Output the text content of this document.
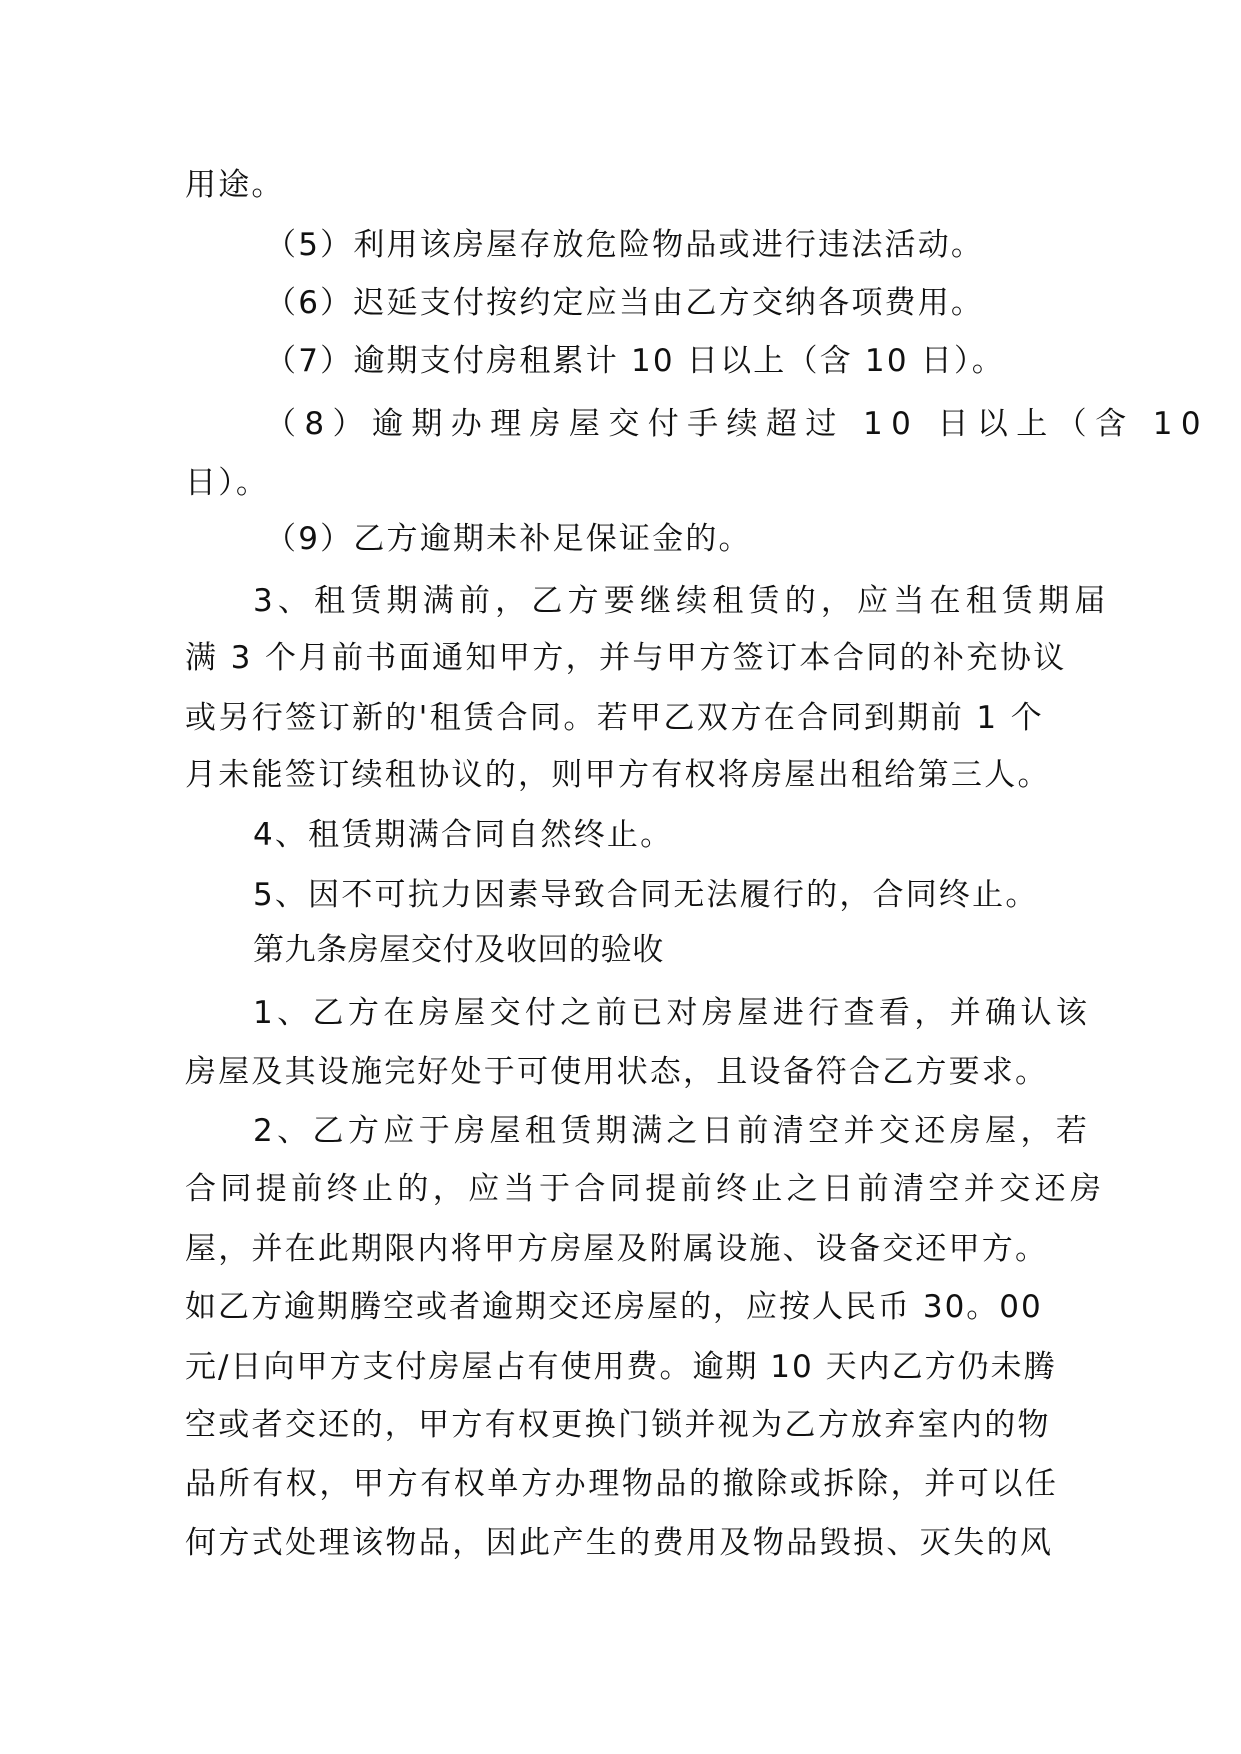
用途。
（5）利用该房屋存放危险物品或进行违法活动。
（6）迟延支付按约定应当由乙方交纳各项费用。
（7）逾期支付房租累计 10 日以上（含 10 日）。
（8）逾期办理房屋交付手续超过 10 日以上（含 10
日）。
（9）乙方逾期未补足保证金的。
3、租赁期满前，乙方要继续租赁的，应当在租赁期届
满 3 个月前书面通知甲方，并与甲方签订本合同的补充协议
或另行签订新的'租赁合同。若甲乙双方在合同到期前 1 个
月未能签订续租协议的，则甲方有权将房屋出租给第三人。
4、租赁期满合同自然终止。
5、因不可抗力因素导致合同无法履行的，合同终止。
第九条房屋交付及收回的验收
1、乙方在房屋交付之前已对房屋进行查看，并确认该
房屋及其设施完好处于可使用状态，且设备符合乙方要求。
2、乙方应于房屋租赁期满之日前清空并交还房屋，若
合同提前终止的，应当于合同提前终止之日前清空并交还房
屋，并在此期限内将甲方房屋及附属设施、设备交还甲方。
如乙方逾期腾空或者逾期交还房屋的，应按人民币 30。00
元/日向甲方支付房屋占有使用费。逾期 10 天内乙方仍未腾
空或者交还的，甲方有权更换门锁并视为乙方放弃室内的物
品所有权，甲方有权单方办理物品的撤除或拆除，并可以任
何方式处理该物品，因此产生的费用及物品毁损、灭失的风
